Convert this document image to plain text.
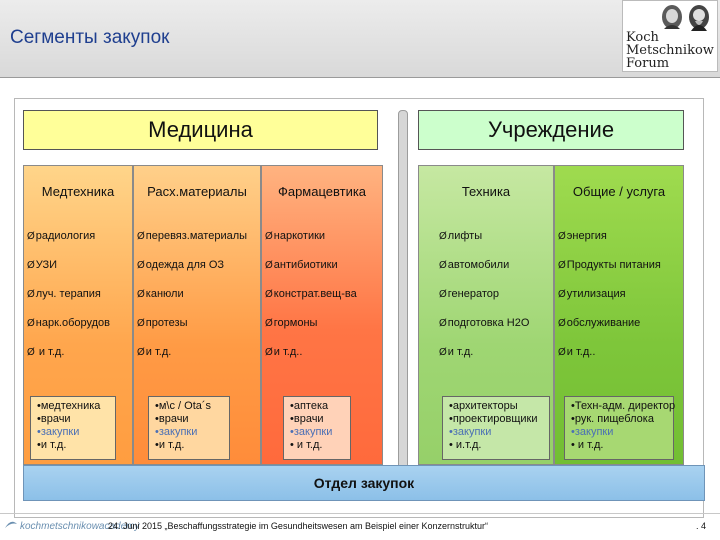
Сегменты закупок	Koch
Metschnikow
Forum
Медицина	Учреждение
Медтехника
Øрадиология
ØУЗИ
Øлуч. терапия
Øнарк.оборудов
Ø и т.д.
Расх.материалы
Øперевяз.материалы
Øодежда для ОЗ
Øканюли
Øпротезы
Øи т.д.
Фармацевтика
Øнаркотики
Øантибиотики
Øконстрат.вещ-ва
Øгормоны
Øи т.д..
Техника
Øлифты
Øавтомобили
Øгенератор
Øподготовка H2O
Øи т.д.
Общие / услуга
Øэнергия
ØПродукты питания
Øутилизация
Øобслуживание
Øи т.д..
•медтехника
•врачи
•закупки
•и т.д.
•м\с / Ota´s
•врачи
•закупки
•и т.д.
•аптека
•врачи
•закупки
• и т.д.
•архитекторы
•проектировщики
•закупки
• и.т.д.
•Техн-адм. директор
•рук. пищеблока
•закупки
• и т.д.
Отдел закупок
kochmetschnikowacademy
24. Juni 2015 „Beschaffungsstrategie im Gesundheitswesen am Beispiel einer Konzernstruktur“	. 4
